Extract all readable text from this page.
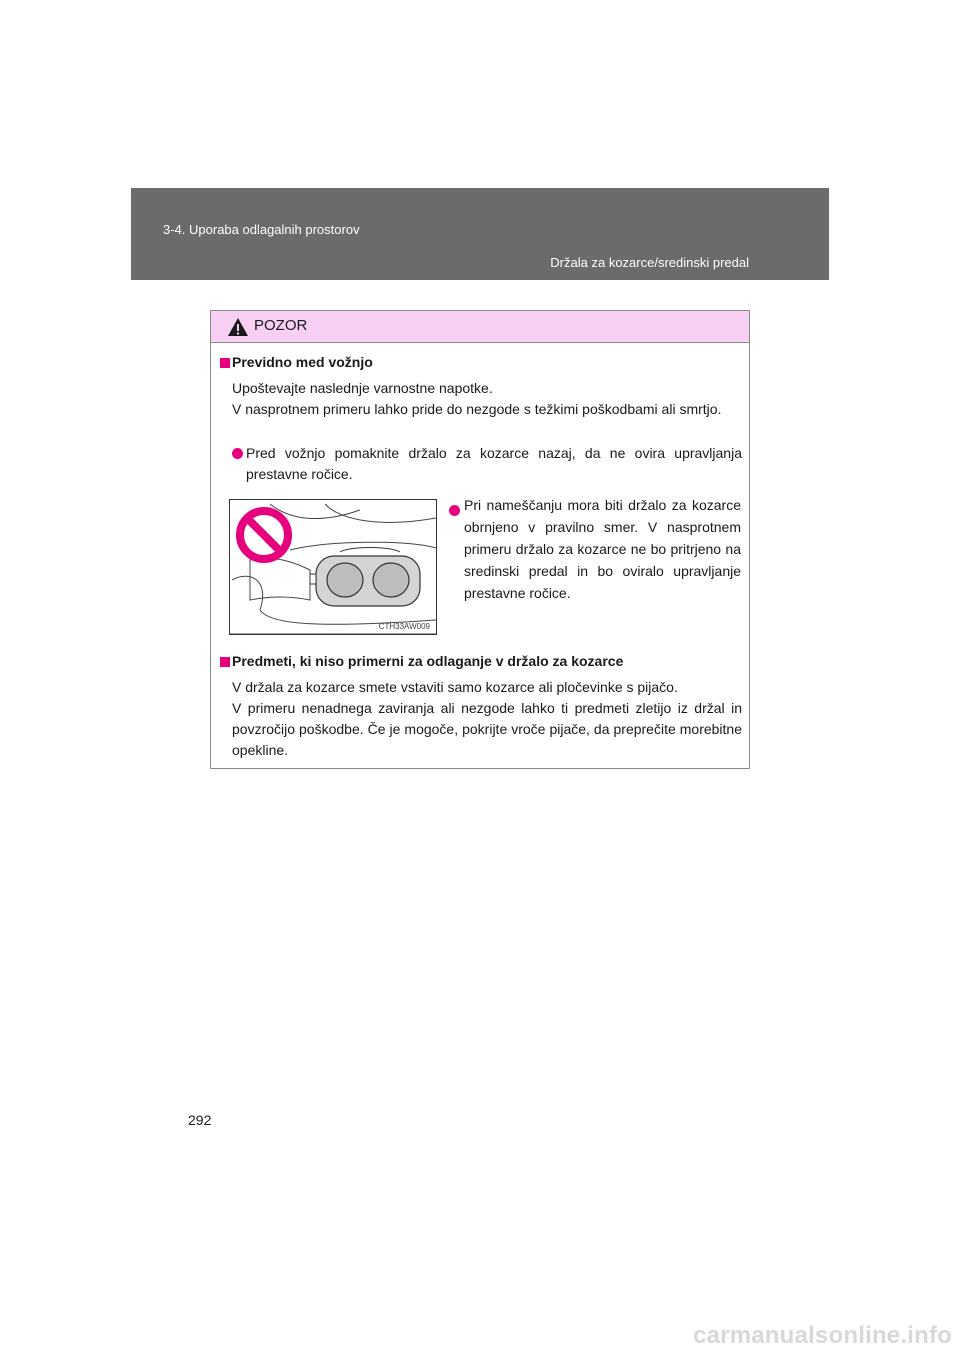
3-4. Uporaba odlagalnih prostorov
Držala za kozarce/sredinski predal
POZOR
Previdno med vožnjo
Upoštevajte naslednje varnostne napotke.
V nasprotnem primeru lahko pride do nezgode s težkimi poškodbami ali smrtjo.
Pred vožnjo pomaknite držalo za kozarce nazaj, da ne ovira upravljanja prestavne ročice.
CTH33AW009
Pri nameščanju mora biti držalo za kozarce obrnjeno v pravilno smer. V nasprotnem primeru držalo za kozarce ne bo pritrjeno na sredinski predal in bo oviralo upravljanje prestavne ročice.
Predmeti, ki niso primerni za odlaganje v držalo za kozarce
V držala za kozarce smete vstaviti samo kozarce ali pločevinke s pijačo.
V primeru nenadnega zaviranja ali nezgode lahko ti predmeti zletijo iz držal in povzročijo poškodbe. Če je mogoče, pokrijte vroče pijače, da preprečite morebitne opekline.
292
carmanualsonline.info
